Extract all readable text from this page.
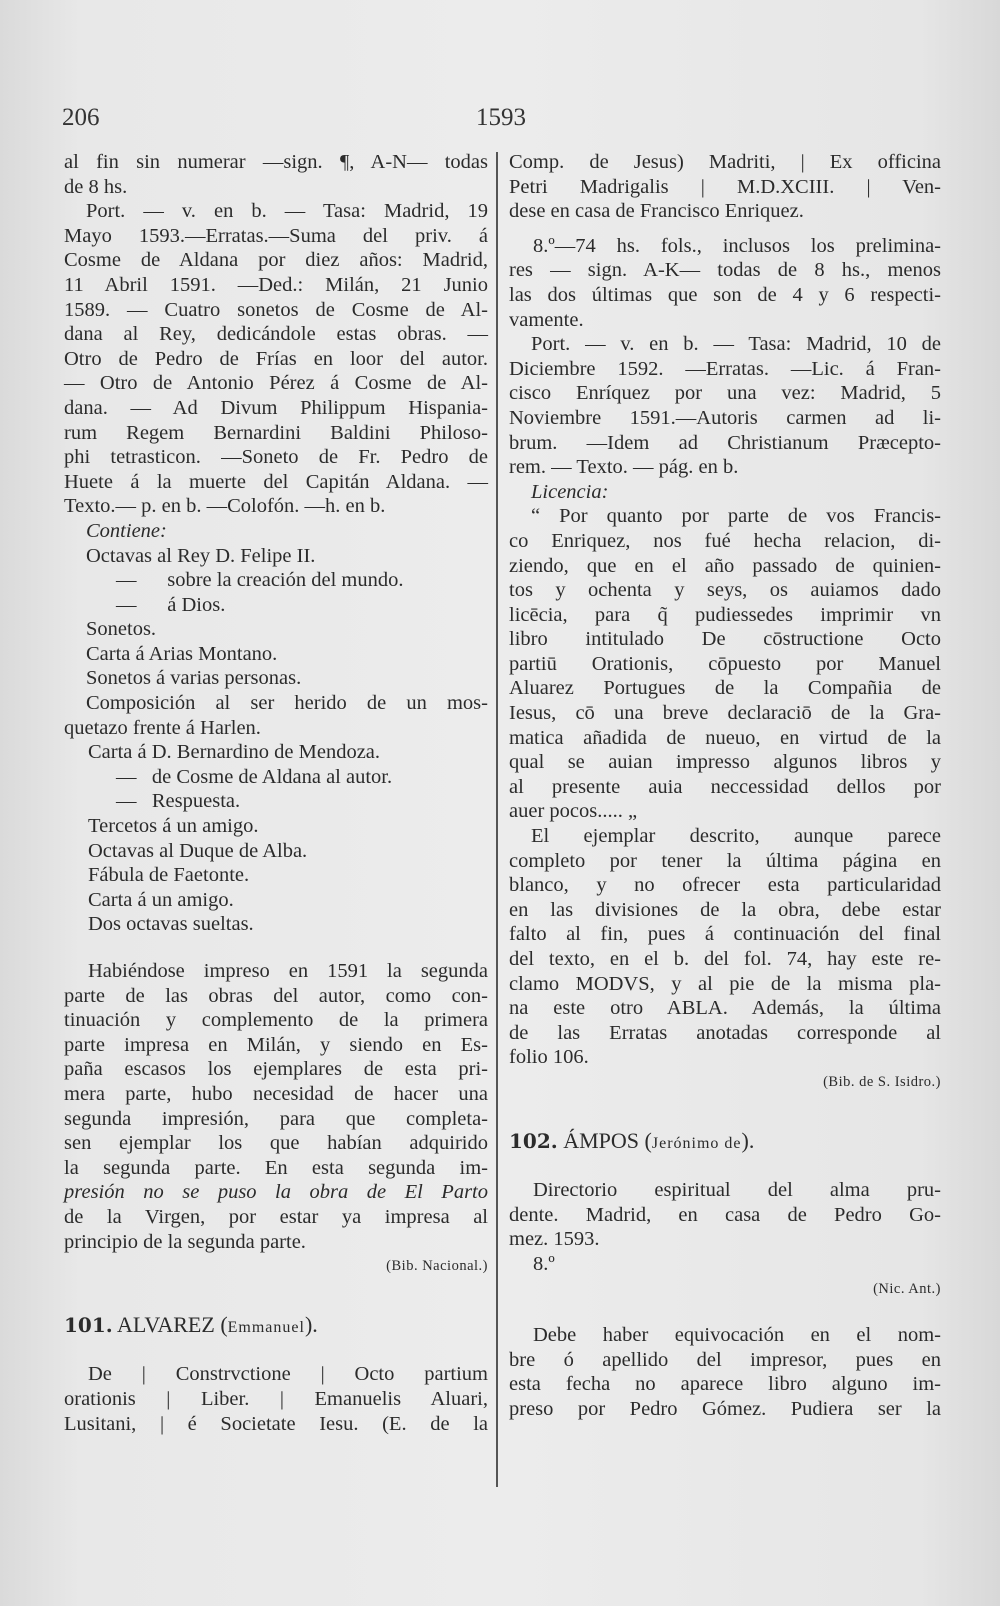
206	1593
al fin sin numerar —sign. ¶, A-N— todas
de 8 hs.
Port. — v. en b. — Tasa: Madrid, 19
Mayo 1593.—Erratas.—Suma del priv. á
Cosme de Aldana por diez años: Madrid,
11 Abril 1591. —Ded.: Milán, 21 Junio
1589. — Cuatro sonetos de Cosme de Al-
dana al Rey, dedicándole estas obras. —
Otro de Pedro de Frías en loor del autor.
— Otro de Antonio Pérez á Cosme de Al-
dana. — Ad Divum Philippum Hispania-
rum Regem Bernardini Baldini Philoso-
phi tetrasticon. —Soneto de Fr. Pedro de
Huete á la muerte del Capitán Aldana. —
Texto.— p. en b. —Colofón. —h. en b.
Contiene:
Octavas al Rey D. Felipe II.
—      sobre la creación del mundo.
—      á Dios.
Sonetos.
Carta á Arias Montano.
Sonetos á varias personas.
Composición al ser herido de un mos-
quetazo frente á Harlen.
Carta á D. Bernardino de Mendoza.
—   de Cosme de Aldana al autor.
—   Respuesta.
Tercetos á un amigo.
Octavas al Duque de Alba.
Fábula de Faetonte.
Carta á un amigo.
Dos octavas sueltas.
Habiéndose impreso en 1591 la segunda
parte de las obras del autor, como con-
tinuación y complemento de la primera
parte impresa en Milán, y siendo en Es-
paña escasos los ejemplares de esta pri-
mera parte, hubo necesidad de hacer una
segunda impresión, para que completa-
sen ejemplar los que habían adquirido
la segunda parte. En esta segunda im-
presión no se puso la obra de El Parto
de la Virgen, por estar ya impresa al
principio de la segunda parte.
(Bib. Nacional.)
101. ALVAREZ (Emmanuel).
De | Constrvctione | Octo partium
orationis | Liber. | Emanuelis Aluari,
Lusitani, | é Societate Iesu. (E. de la
Comp. de Jesus) Madriti, | Ex officina
Petri Madrigalis | M.D.XCIII. | Ven-
dese en casa de Francisco Enriquez.
8.º—74 hs. fols., inclusos los prelimina-
res — sign. A-K— todas de 8 hs., menos
las dos últimas que son de 4 y 6 respecti-
vamente.
Port. — v. en b. — Tasa: Madrid, 10 de
Diciembre 1592. —Erratas. —Lic. á Fran-
cisco Enríquez por una vez: Madrid, 5
Noviembre 1591.—Autoris carmen ad li-
brum. —Idem ad Christianum Præcepto-
rem. — Texto. — pág. en b.
Licencia:
“ Por quanto por parte de vos Francis-
co Enriquez, nos fué hecha relacion, di-
ziendo, que en el año passado de quinien-
tos y ochenta y seys, os auiamos dado
licēcia, para q̃ pudiessedes imprimir vn
libro intitulado De cōstructione Octo
partiū Orationis, cōpuesto por Manuel
Aluarez Portugues de la Compañia de
Iesus, cō una breve declaraciō de la Gra-
matica añadida de nueuo, en virtud de la
qual se auian impresso algunos libros y
al presente auia neccessidad dellos por
auer pocos..... „
El ejemplar descrito, aunque parece
completo por tener la última página en
blanco, y no ofrecer esta particularidad
en las divisiones de la obra, debe estar
falto al fin, pues á continuación del final
del texto, en el b. del fol. 74, hay este re-
clamo MODVS, y al pie de la misma pla-
na este otro ABLA. Además, la última
de las Erratas anotadas corresponde al
folio 106.
(Bib. de S. Isidro.)
102. ÁMPOS (Jerónimo de).
Directorio espiritual del alma pru-
dente. Madrid, en casa de Pedro Go-
mez. 1593.
8.º
(Nic. Ant.)
Debe haber equivocación en el nom-
bre ó apellido del impresor, pues en
esta fecha no aparece libro alguno im-
preso por Pedro Gómez. Pudiera ser la
